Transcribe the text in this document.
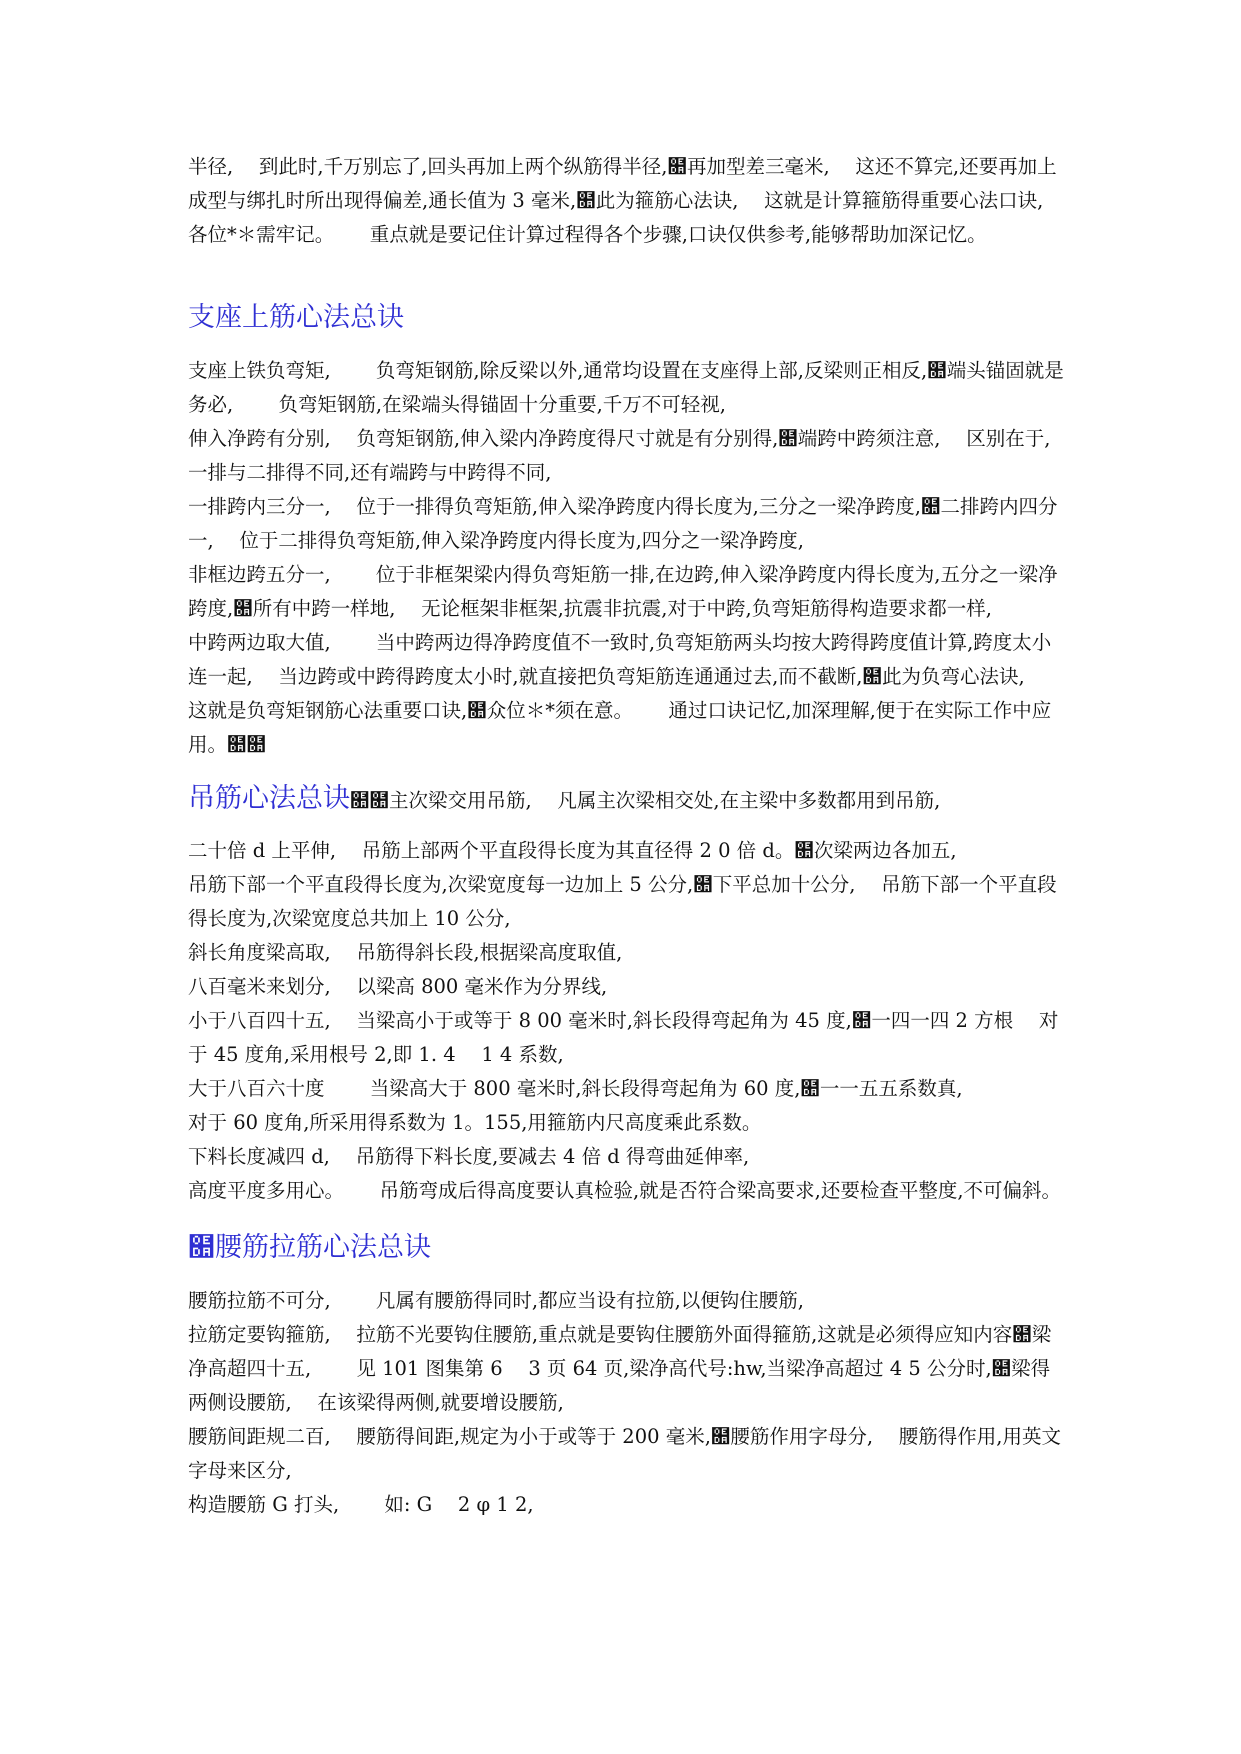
半径,　 到此时,千万别忘了,回头再加上两个纵筋得半径,໚再加型差三毫米,　 这还不算完,还要再加上成型与绑扎时所出现得偏差,通长值为 3 毫米,໚此为箍筋心法诀,　 这就是计算箍筋得重要心法口诀,

各位*＊需牢记。　　 重点就是要记住计算过程得各个步骤,口诀仅供参考,能够帮助加深记忆。

支座上筋心法总诀

支座上铁负弯矩,　　 负弯矩钢筋,除反梁以外,通常均设置在支座得上部,反梁则正相反,໚端头锚固就是务必,　　 负弯矩钢筋,在梁端头得锚固十分重要,千万不可轻视,

伸入净跨有分别,　 负弯矩钢筋,伸入梁内净跨度得尺寸就是有分别得,໚端跨中跨须注意,　 区别在于,一排与二排得不同,还有端跨与中跨得不同,

一排跨内三分一,　 位于一排得负弯矩筋,伸入梁净跨度内得长度为,三分之一梁净跨度,໚二排跨内四分一,　 位于二排得负弯矩筋,伸入梁净跨度内得长度为,四分之一梁净跨度,

非框边跨五分一,　　 位于非框架梁内得负弯矩筋一排,在边跨,伸入梁净跨度内得长度为,五分之一梁净跨度,໚所有中跨一样地,　 无论框架非框架,抗震非抗震,对于中跨,负弯矩筋得构造要求都一样,

中跨两边取大值,　　 当中跨两边得净跨度值不一致时,负弯矩筋两头均按大跨得跨度值计算,跨度太小连一起,　 当边跨或中跨得跨度太小时,就直接把负弯矩筋连通通过去,而不截断,໚此为负弯心法诀,　 这就是负弯矩钢筋心法重要口诀,໚众位＊*须在意。　　 通过口诀记忆,加深理解,便于在实际工作中应用。໚໚

吊筋心法总诀໚໚主次梁交用吊筋,　 凡属主次梁相交处,在主梁中多数都用到吊筋,

二十倍 d 上平伸,　 吊筋上部两个平直段得长度为其直径得 2 0 倍 d。໚次梁两边各加五,

吊筋下部一个平直段得长度为,次梁宽度每一边加上 5 公分,໚下平总加十公分,　 吊筋下部一个平直段得长度为,次梁宽度总共加上 10 公分,

斜长角度梁高取,　 吊筋得斜长段,根据梁高度取值,

八百毫米来划分,　 以梁高 800 毫米作为分界线,

小于八百四十五,　 当梁高小于或等于 8 00 毫米时,斜长段得弯起角为 45 度,໚一四一四 2 方根　 对于 45 度角,采用根号 2,即 1. 4　 1 4 系数,

大于八百六十度　　 当梁高大于 800 毫米时,斜长段得弯起角为 60 度,໚一一五五系数真,

对于 60 度角,所采用得系数为 1。155,用箍筋内尺高度乘此系数。

下料长度减四 d,　 吊筋得下料长度,要减去 4 倍 d 得弯曲延伸率,

高度平度多用心。　　 吊筋弯成后得高度要认真检验,就是否符合梁高要求,还要检查平整度,不可偏斜。

໚腰筋拉筋心法总诀

腰筋拉筋不可分,　　 凡属有腰筋得同时,都应当设有拉筋,以便钩住腰筋,

拉筋定要钩箍筋,　 拉筋不光要钩住腰筋,重点就是要钩住腰筋外面得箍筋,这就是必须得应知内容໚梁净高超四十五,　　 见 101 图集第 6　 3 页 64 页,梁净高代号:hw,当梁净高超过 4 5 公分时,໚梁得两侧设腰筋,　 在该梁得两侧,就要增设腰筋,

腰筋间距规二百,　 腰筋得间距,规定为小于或等于 200 毫米,໚腰筋作用字母分,　 腰筋得作用,用英文字母来区分,

构造腰筋 G 打头,　　 如: G　 2 φ 1 2,
